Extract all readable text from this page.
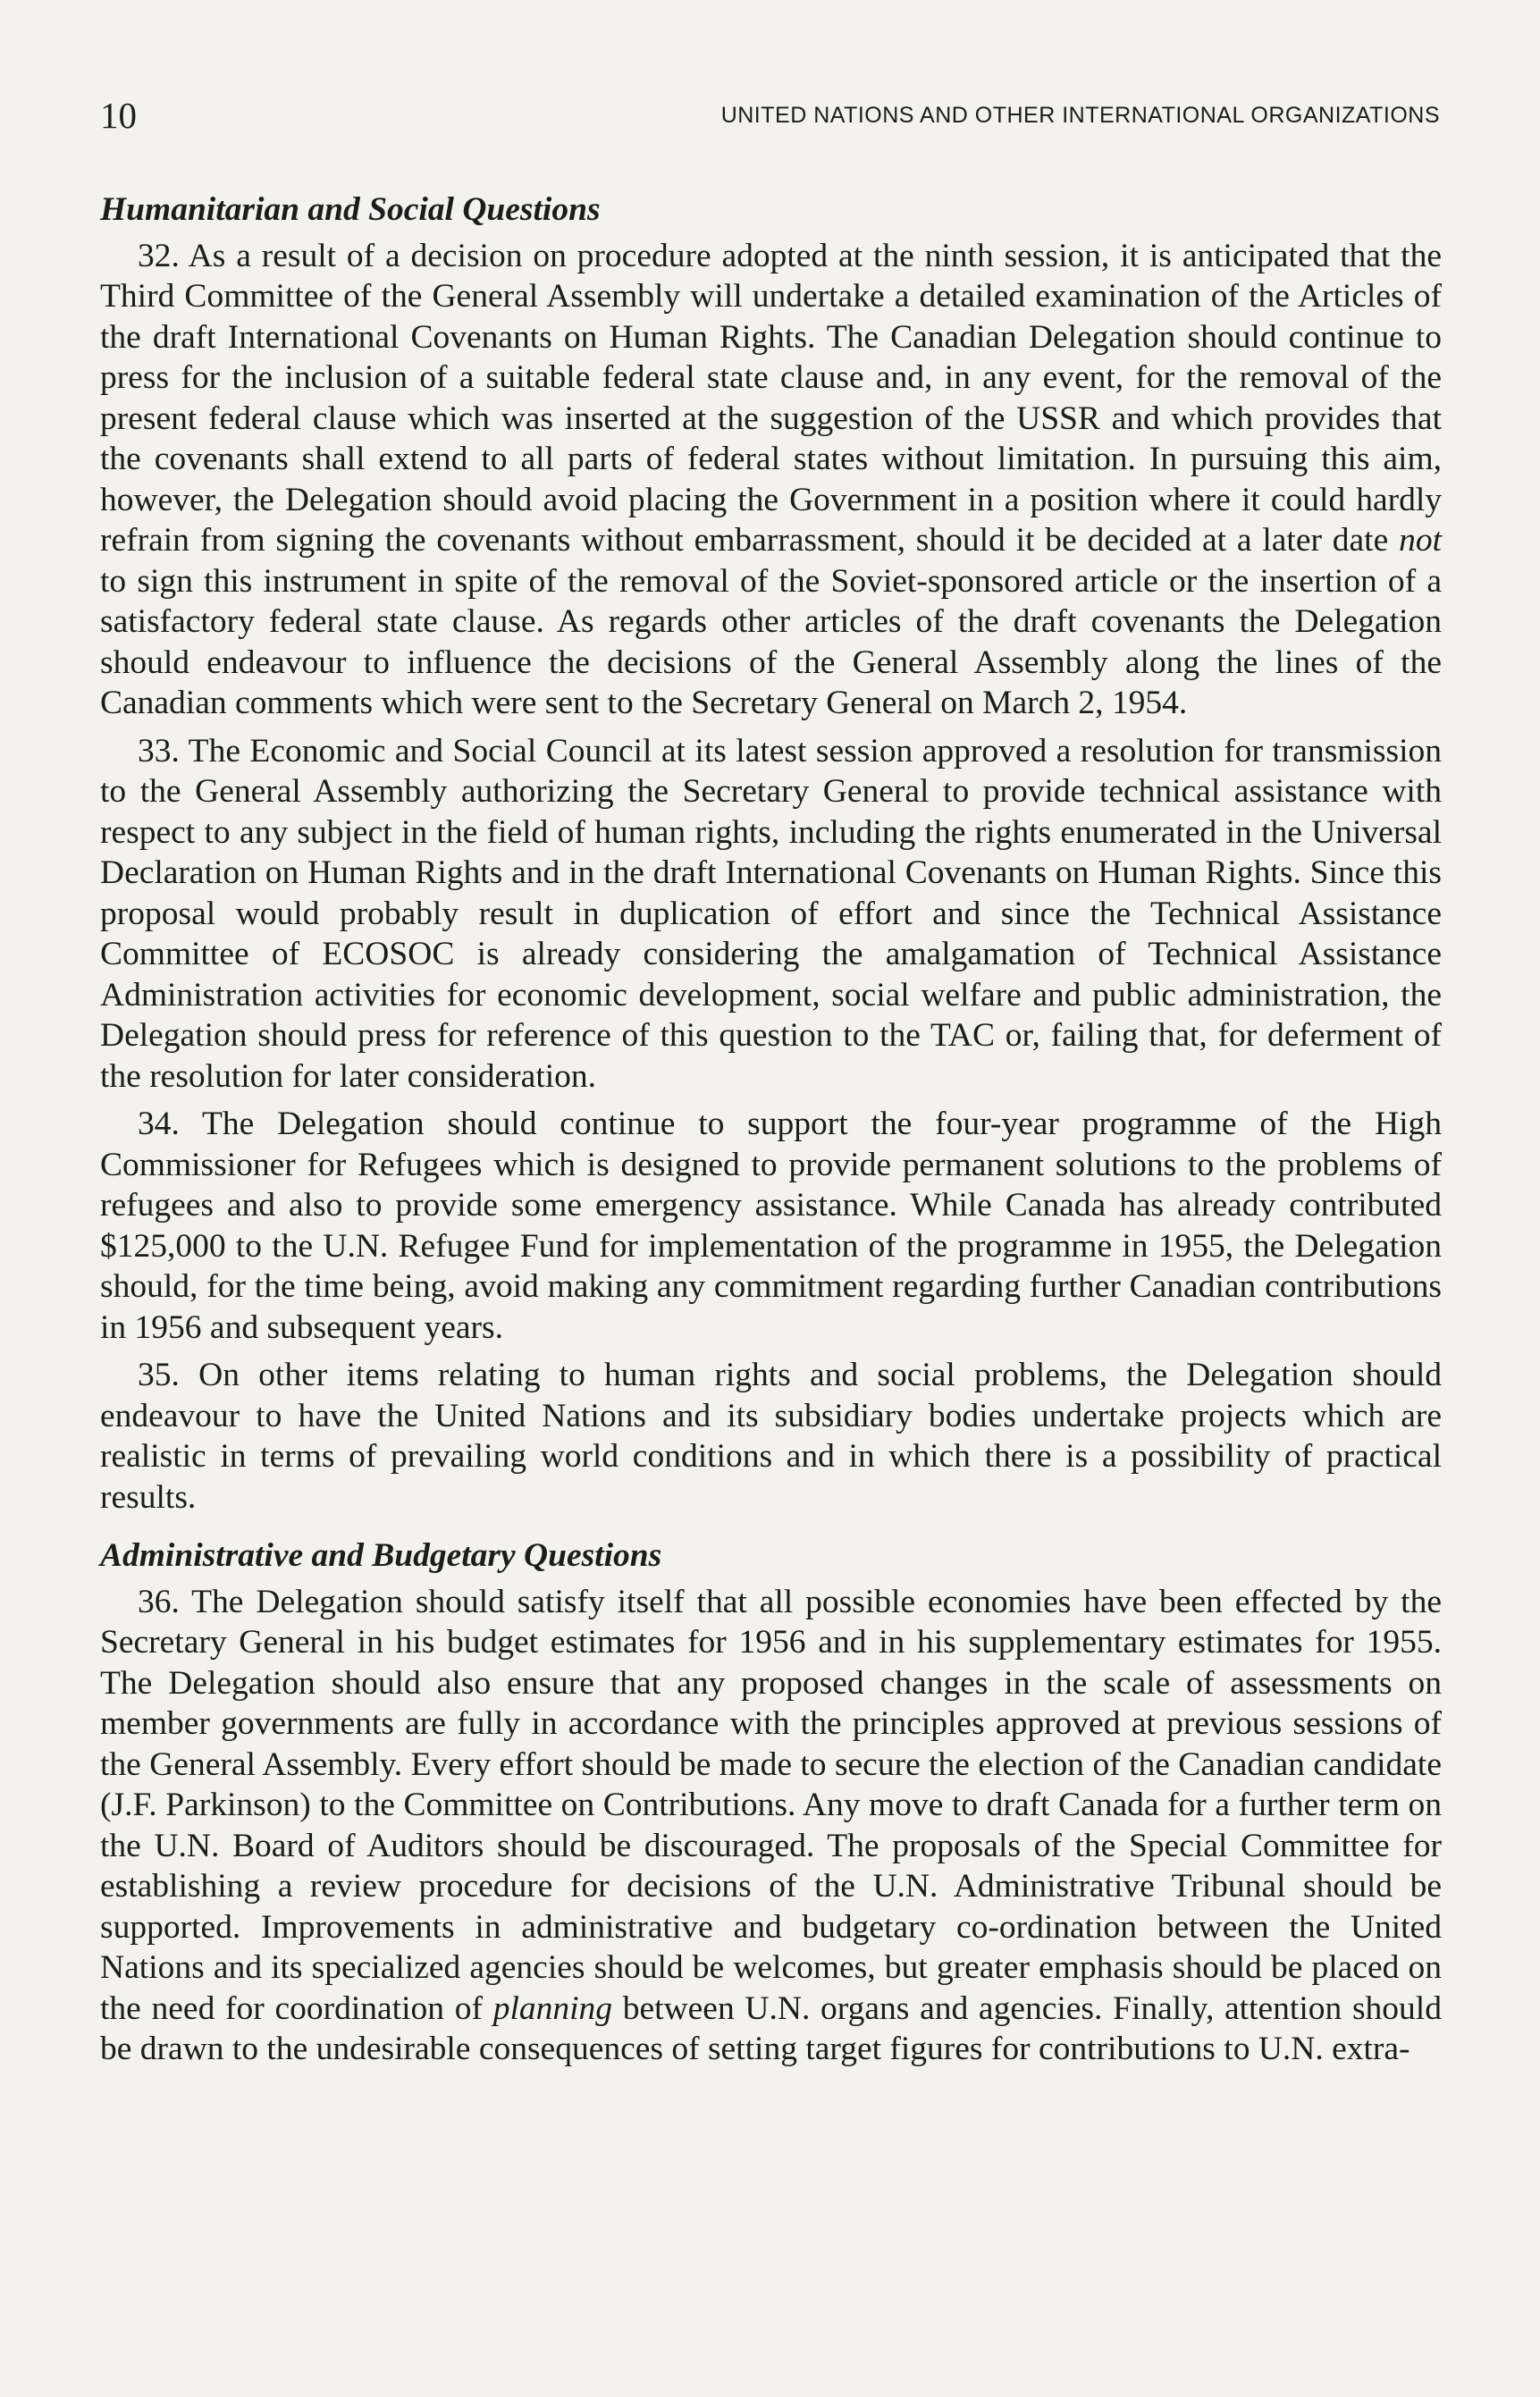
10	UNITED NATIONS AND OTHER INTERNATIONAL ORGANIZATIONS
Humanitarian and Social Questions

32. As a result of a decision on procedure adopted at the ninth session, it is anticipated that the Third Committee of the General Assembly will undertake a detailed examination of the Articles of the draft International Covenants on Human Rights. The Canadian Delegation should continue to press for the inclusion of a suitable federal state clause and, in any event, for the removal of the present federal clause which was inserted at the suggestion of the USSR and which provides that the covenants shall extend to all parts of federal states without limitation. In pursuing this aim, however, the Delegation should avoid placing the Government in a position where it could hardly refrain from signing the covenants without embarrassment, should it be decided at a later date not to sign this instrument in spite of the removal of the Soviet-sponsored article or the insertion of a satisfactory federal state clause. As regards other articles of the draft covenants the Delegation should endeavour to influence the decisions of the General Assembly along the lines of the Canadian comments which were sent to the Secretary General on March 2, 1954.

33. The Economic and Social Council at its latest session approved a resolution for transmission to the General Assembly authorizing the Secretary General to provide technical assistance with respect to any subject in the field of human rights, including the rights enumerated in the Universal Declaration on Human Rights and in the draft International Covenants on Human Rights. Since this proposal would probably result in duplication of effort and since the Technical Assistance Committee of ECOSOC is already considering the amalgamation of Technical Assistance Administration activities for economic development, social welfare and public administration, the Delegation should press for reference of this question to the TAC or, failing that, for deferment of the resolution for later consideration.

34. The Delegation should continue to support the four-year programme of the High Commissioner for Refugees which is designed to provide permanent solutions to the problems of refugees and also to provide some emergency assistance. While Canada has already contributed $125,000 to the U.N. Refugee Fund for implementation of the programme in 1955, the Delegation should, for the time being, avoid making any commitment regarding further Canadian contributions in 1956 and subsequent years.

35. On other items relating to human rights and social problems, the Delegation should endeavour to have the United Nations and its subsidiary bodies undertake projects which are realistic in terms of prevailing world conditions and in which there is a possibility of practical results.

Administrative and Budgetary Questions

36. The Delegation should satisfy itself that all possible economies have been effected by the Secretary General in his budget estimates for 1956 and in his supplementary estimates for 1955. The Delegation should also ensure that any proposed changes in the scale of assessments on member governments are fully in accordance with the principles approved at previous sessions of the General Assembly. Every effort should be made to secure the election of the Canadian candidate (J.F. Parkinson) to the Committee on Contributions. Any move to draft Canada for a further term on the U.N. Board of Auditors should be discouraged. The proposals of the Special Committee for establishing a review procedure for decisions of the U.N. Administrative Tribunal should be supported. Improvements in administrative and budgetary co-ordination between the United Nations and its specialized agencies should be welcomes, but greater emphasis should be placed on the need for coordination of planning between U.N. organs and agencies. Finally, attention should be drawn to the undesirable consequences of setting target figures for contributions to U.N. extra-
